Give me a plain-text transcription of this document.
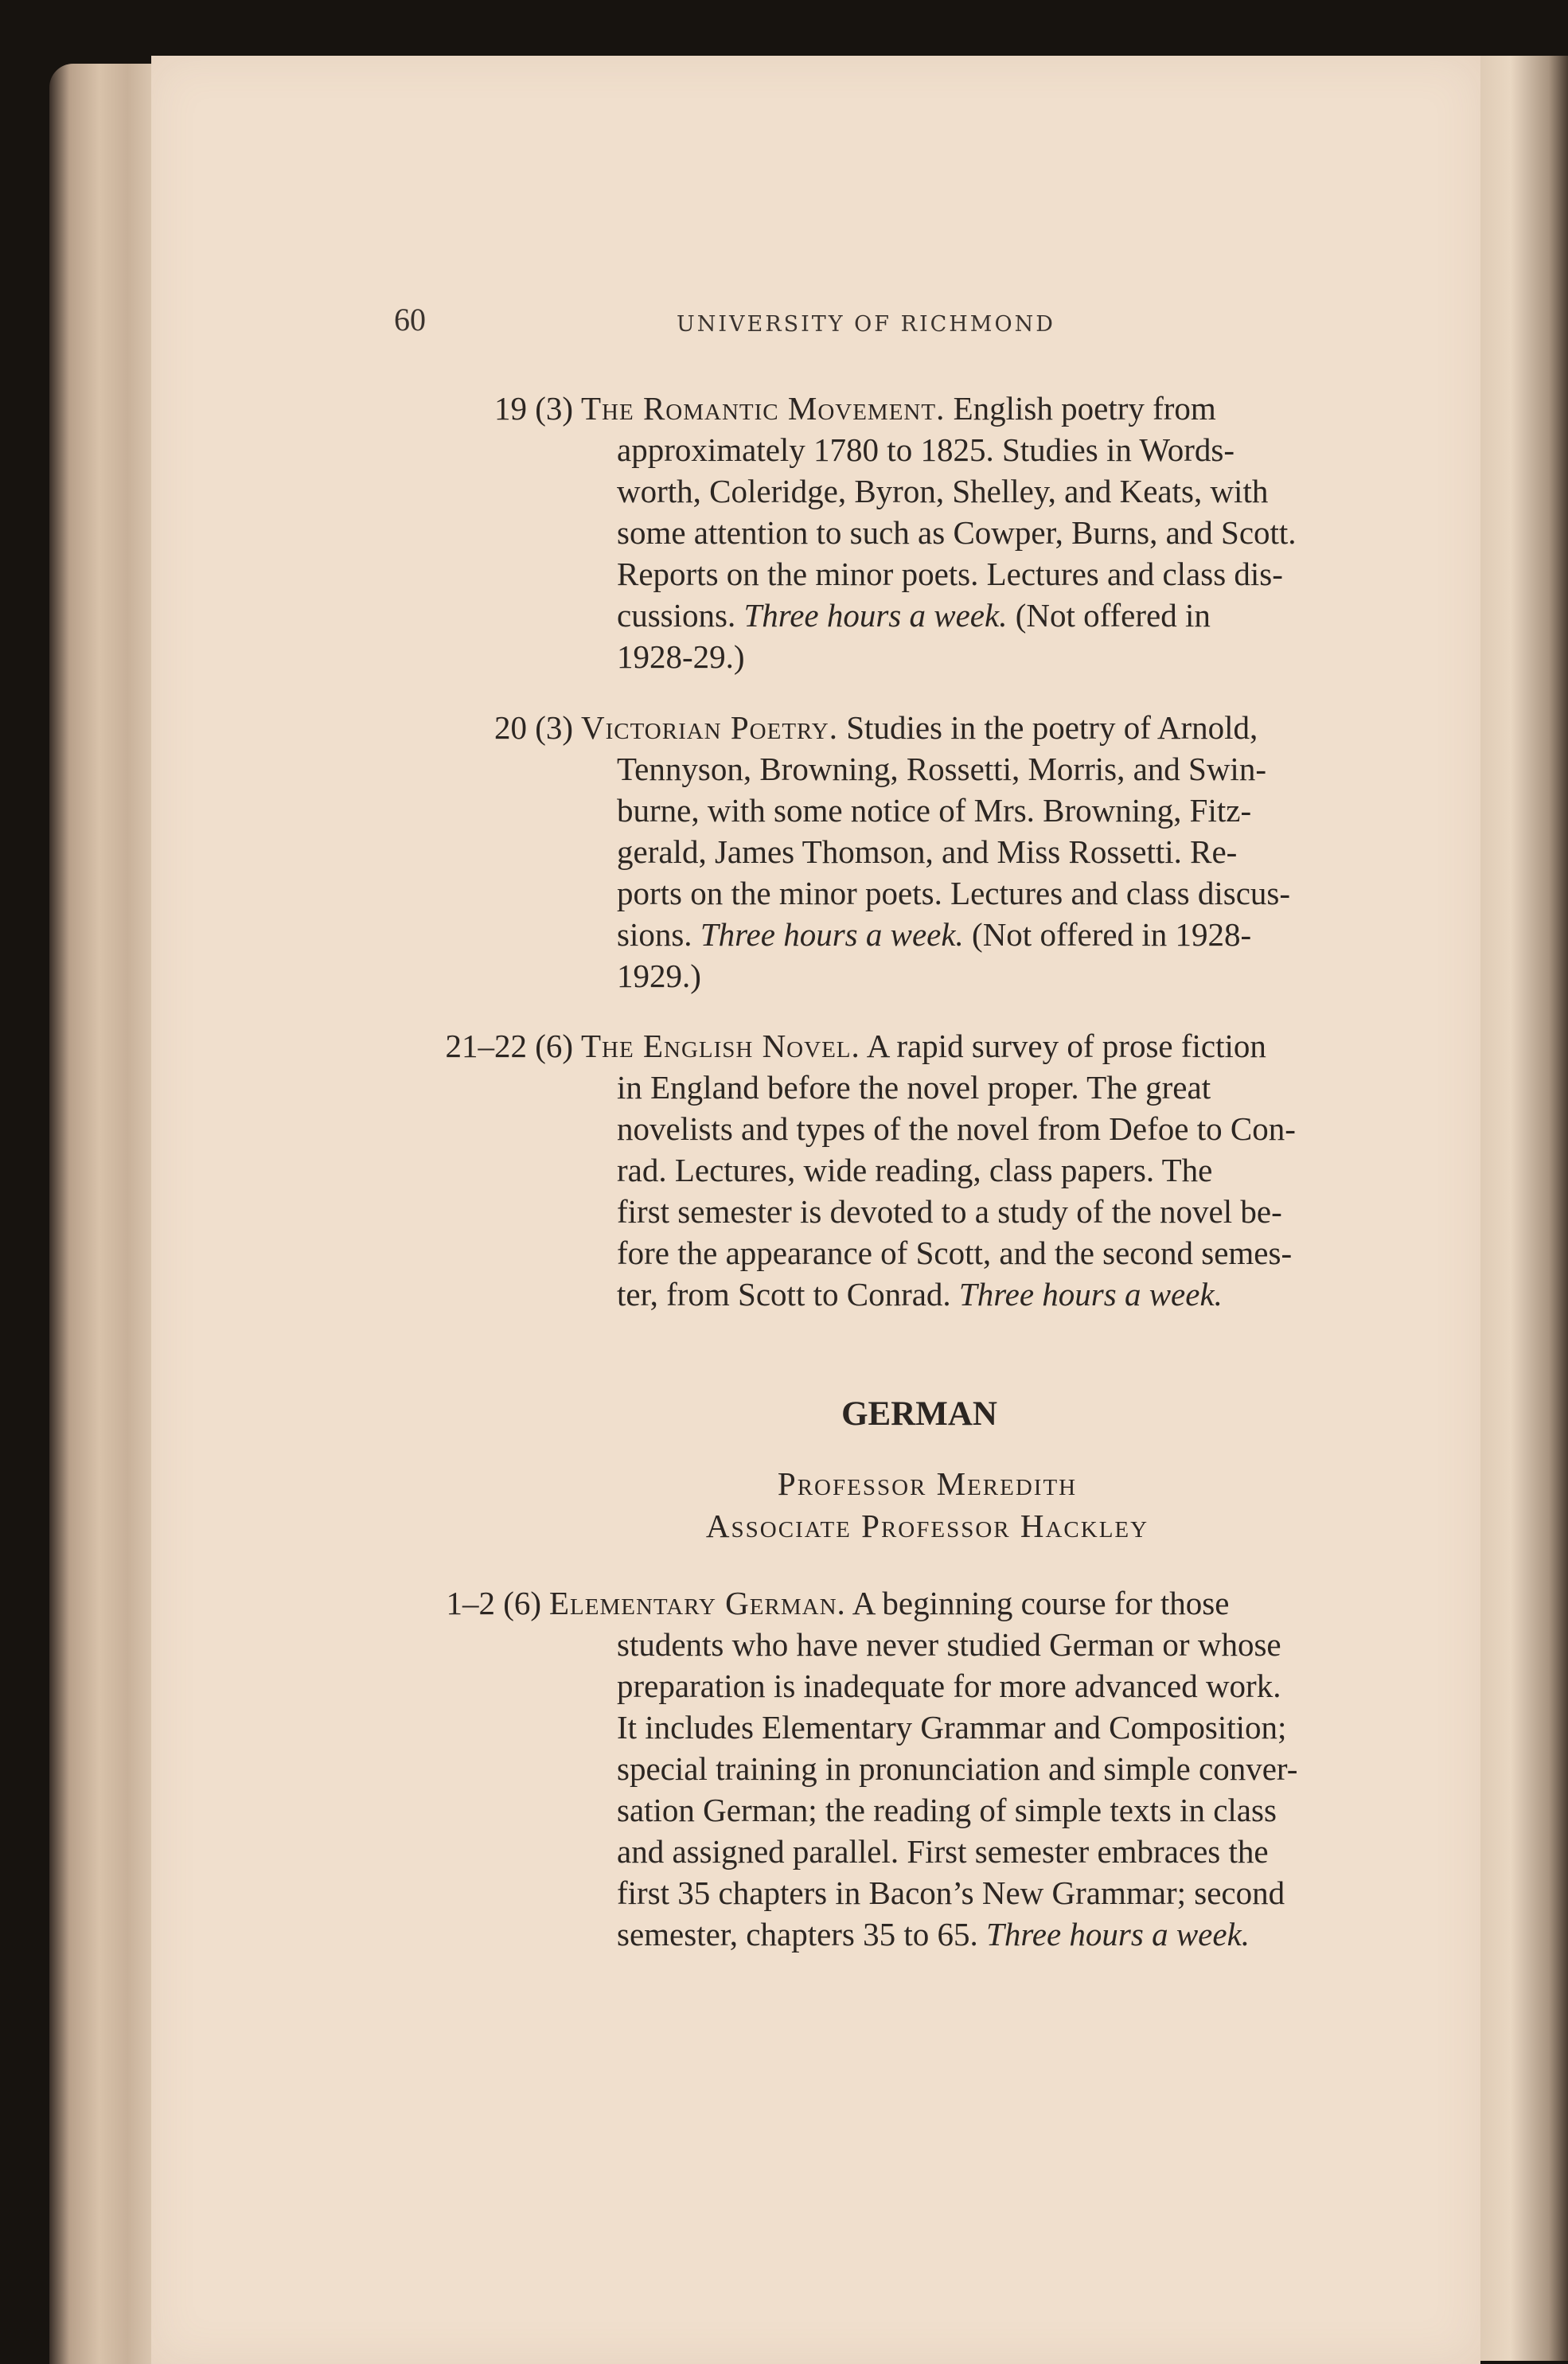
60	UNIVERSITY OF RICHMOND
19 (3) The Romantic Movement. English poetry from
approximately 1780 to 1825. Studies in Words-
worth, Coleridge, Byron, Shelley, and Keats, with
some attention to such as Cowper, Burns, and Scott.
Reports on the minor poets. Lectures and class dis-
cussions. Three hours a week. (Not offered in
1928-29.)
20 (3) Victorian Poetry. Studies in the poetry of Arnold,
Tennyson, Browning, Rossetti, Morris, and Swin-
burne, with some notice of Mrs. Browning, Fitz-
gerald, James Thomson, and Miss Rossetti. Re-
ports on the minor poets. Lectures and class discus-
sions. Three hours a week. (Not offered in 1928-
1929.)
21–22 (6) The English Novel. A rapid survey of prose fiction
in England before the novel proper. The great
novelists and types of the novel from Defoe to Con-
rad. Lectures, wide reading, class papers. The
first semester is devoted to a study of the novel be-
fore the appearance of Scott, and the second semes-
ter, from Scott to Conrad. Three hours a week.
GERMAN
Professor Meredith
Associate Professor Hackley
1–2 (6) Elementary German. A beginning course for those
students who have never studied German or whose
preparation is inadequate for more advanced work.
It includes Elementary Grammar and Composition;
special training in pronunciation and simple conver-
sation German; the reading of simple texts in class
and assigned parallel. First semester embraces the
first 35 chapters in Bacon’s New Grammar; second
semester, chapters 35 to 65. Three hours a week.
